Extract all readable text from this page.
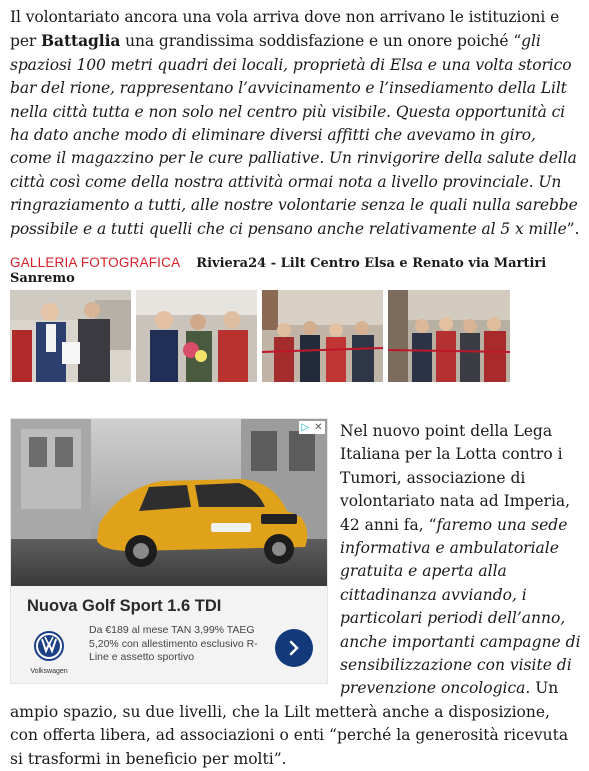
Il volontariato ancora una vola arriva dove non arrivano le istituzioni e per Battaglia una grandissima soddisfazione e un onore poiché “gli spaziosi 100 metri quadri dei locali, proprietà di Elsa e una volta storico bar del rione, rappresentano l’avvicinamento e l’insediamento della Lilt nella città tutta e non solo nel centro più visibile. Questa opportunità ci ha dato anche modo di eliminare diversi affitti che avevamo in giro, come il magazzino per le cure palliative. Un rinvigorire della salute della città così come della nostra attività ormai nota a livello provinciale. Un ringraziamento a tutti, alle nostre volontarie senza le quali nulla sarebbe possibile e a tutti quelli che ci pensano anche relativamente al 5 x mille”.
GALLERIA FOTOGRAFICA Riviera24 - Lilt Centro Elsa e Renato via Martiri Sanremo
Nel nuovo point della Lega Italiana per la Lotta contro i Tumori, associazione di volontariato nata ad Imperia, 42 anni fa, “faremo una sede informativa e ambulatoriale gratuita e aperta alla cittadinanza avviando, i particolari periodi dell’anno, anche importanti campagne di sensibilizzazione con visite di prevenzione oncologica. Un ampio spazio, su due livelli, che la Lilt metterà anche a disposizione, con offerta libera, ad associazioni o enti “perché la generosità ricevuta si trasformi in beneficio per molti”.
▷ ✕
Nuova Golf Sport 1.6 TDI
Volkswagen
Da €189 al mese TAN 3,99% TAEG 5,20% con allestimento esclusivo R-Line e assetto sportivo
